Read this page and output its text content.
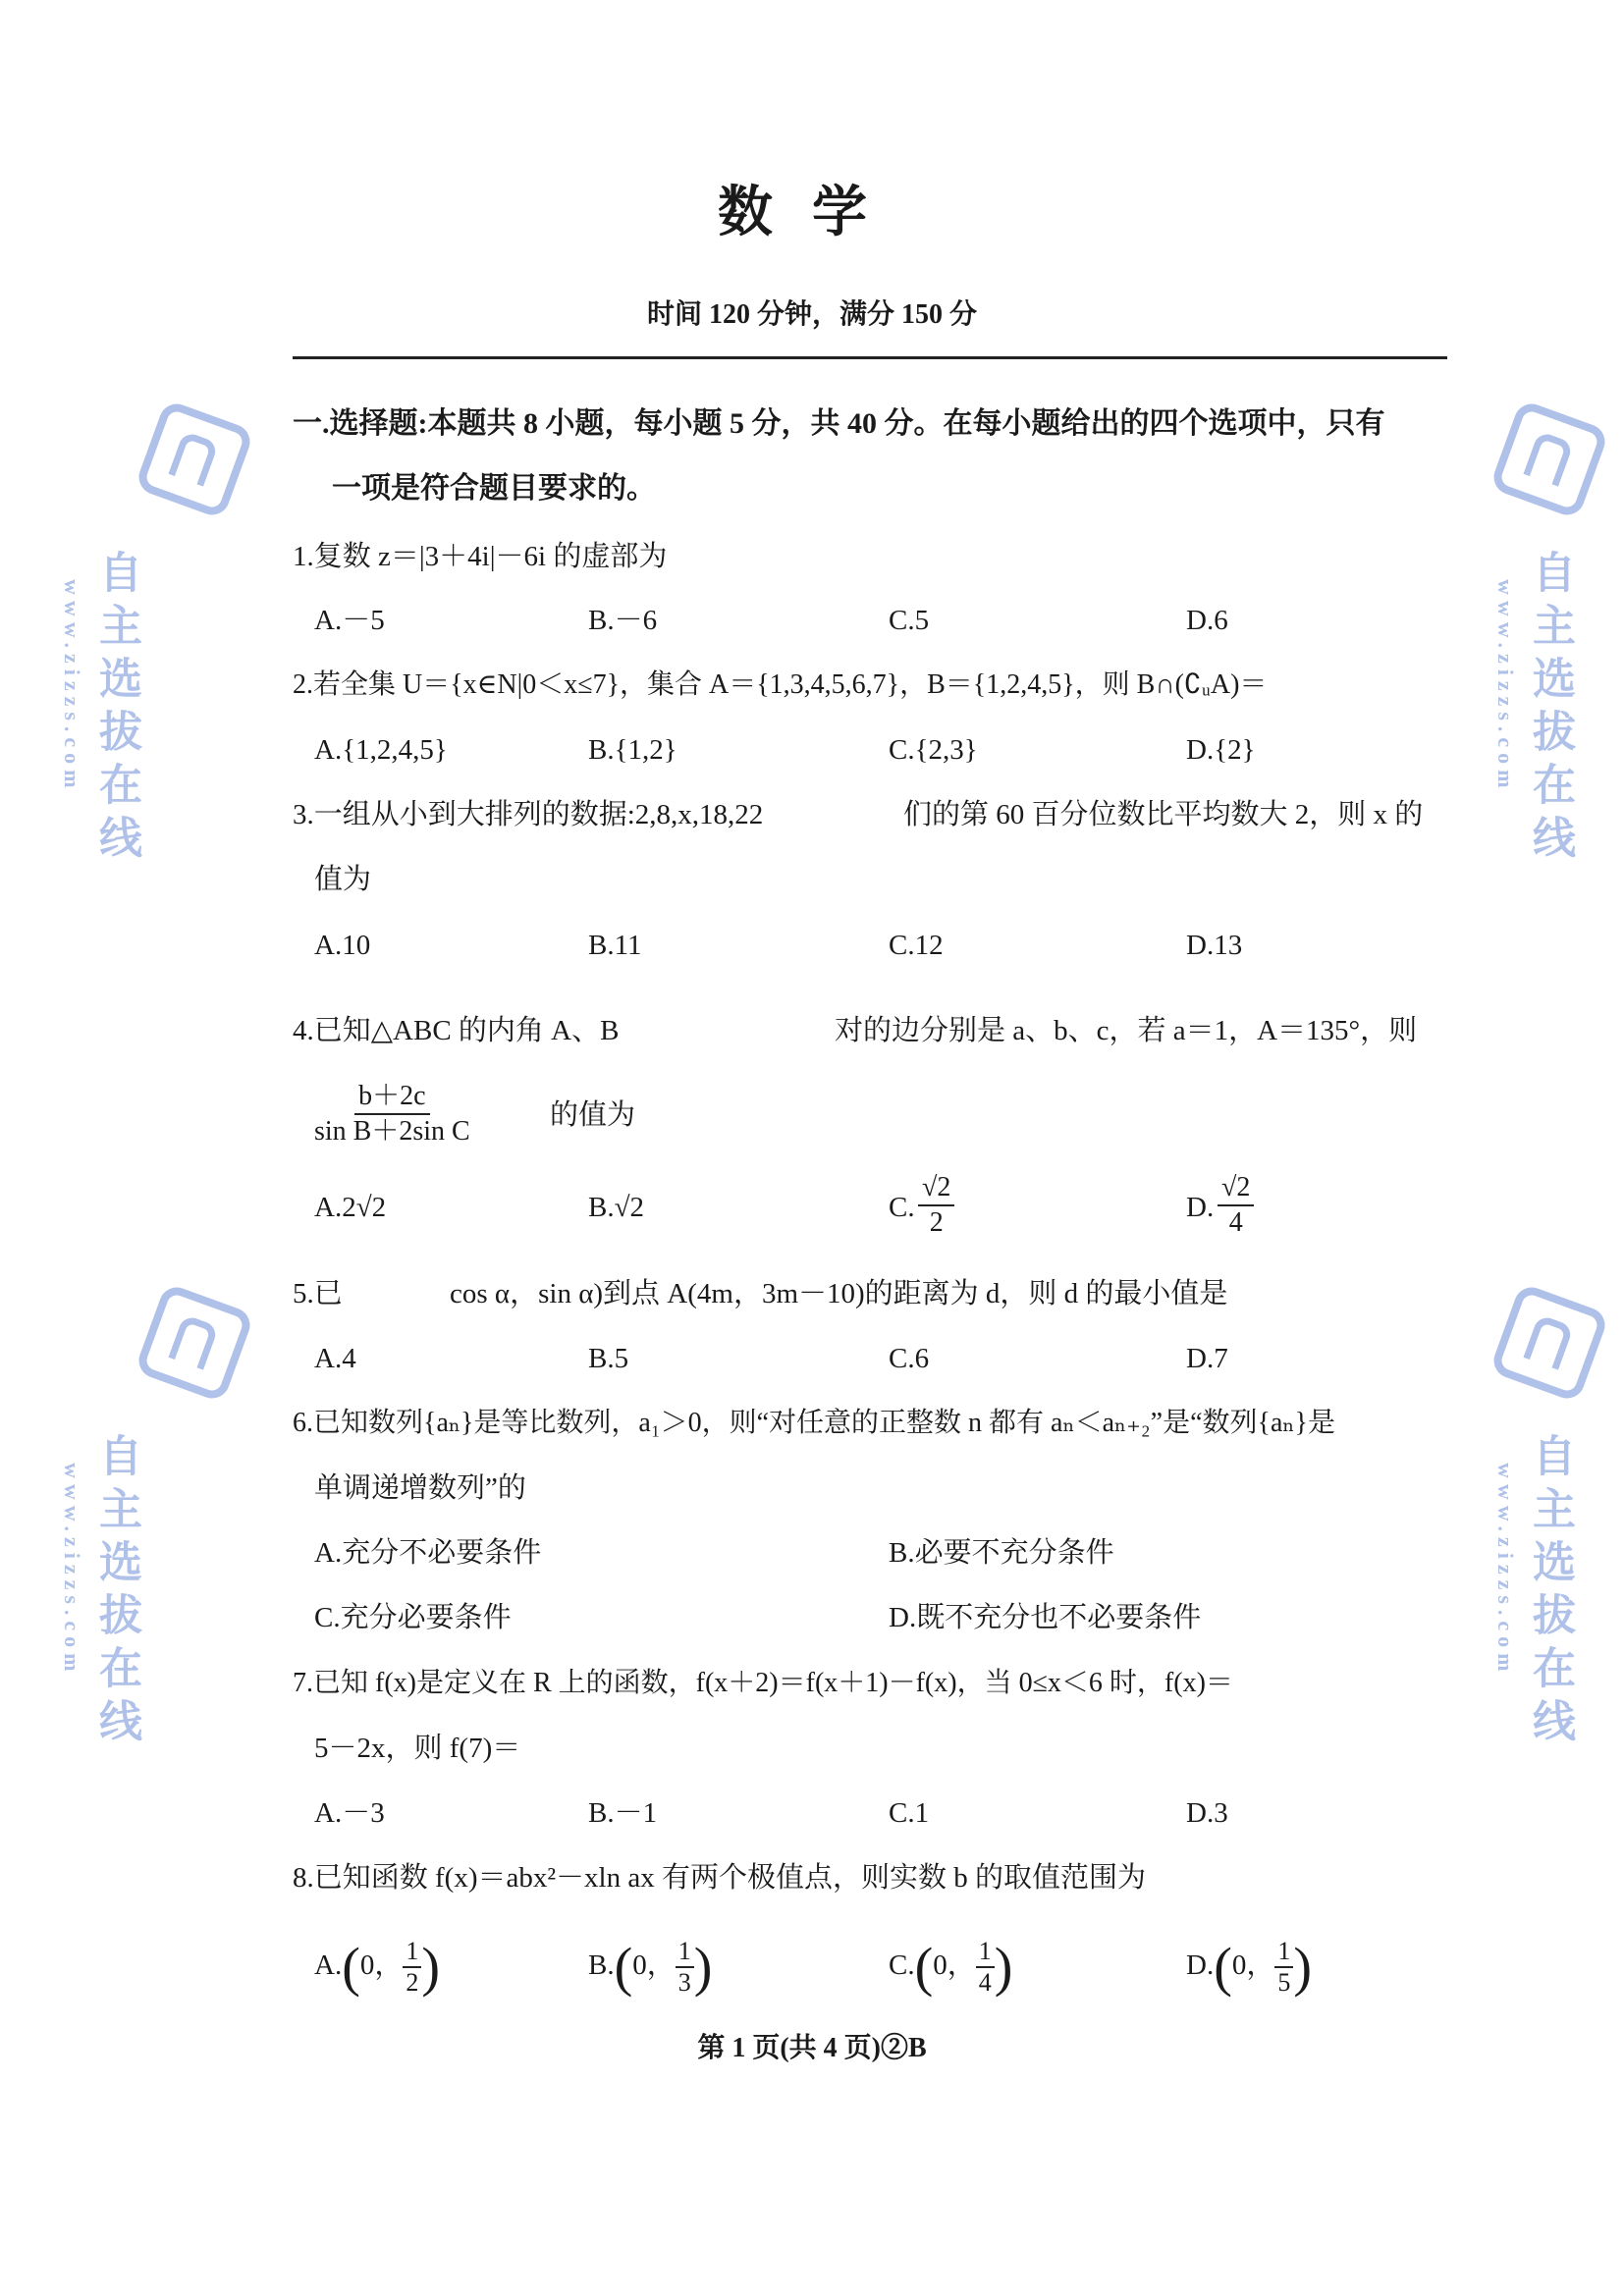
数学
时间 120 分钟，满分 150 分
一.选择题:本题共 8 小题，每小题 5 分，共 40 分。在每小题给出的四个选项中，只有
一项是符合题目要求的。
1.复数 z＝|3＋4i|－6i 的虚部为
A.－5	B.－6	C.5	D.6
2.若全集 U＝{x∈N|0＜x≤7}，集合 A＝{1,3,4,5,6,7}，B＝{1,2,4,5}，则 B∩(∁ᵤA)＝
A.{1,2,4,5}	B.{1,2}	C.{2,3}	D.{2}
3.一组从小到大排列的数据:2,8,x,18,22	们的第 60 百分位数比平均数大 2，则 x 的
值为
A.10	B.11	C.12	D.13
4.已知△ABC 的内角 A、B	对的边分别是 a、b、c，若 a＝1，A＝135°，则
$\frac{b+2c}{\text{sin B＋2sin C}}$	的值为
A.2√2	B.√2	C. $\frac{√2}{2}$	D. $\frac{√2}{4}$
5.已	cos α，sin α)到点 A(4m，3m－10)的距离为 d，则 d 的最小值是
A.4	B.5	C.6	D.7
6.已知数列{aₙ}是等比数列，a₁＞0，则“对任意的正整数 n 都有 aₙ＜aₙ₊₂”是“数列{aₙ}是
单调递增数列”的
A.充分不必要条件	B.必要不充分条件
C.充分必要条件	D.既不充分也不必要条件
7.已知 f(x)是定义在 R 上的函数，f(x＋2)＝f(x＋1)－f(x)，当 0≤x＜6 时，f(x)＝
5－2x，则 f(7)＝
A.－3	B.－1	C.1	D.3
8.已知函数 f(x)＝abx²－xln ax 有两个极值点，则实数 b 的取值范围为
A.(0， $\frac{1}{2}$ )	B.(0， $\frac{1}{3}$ )	C.(0， $\frac{1}{4}$ )	D.(0， $\frac{1}{5}$ )
第 1 页(共 4 页)②B
自主选拔在线
www.zizzs.com	自主选拔在线
www.zizzs.com
自主选拔在线
www.zizzs.com	自主选拔在线
www.zizzs.com
